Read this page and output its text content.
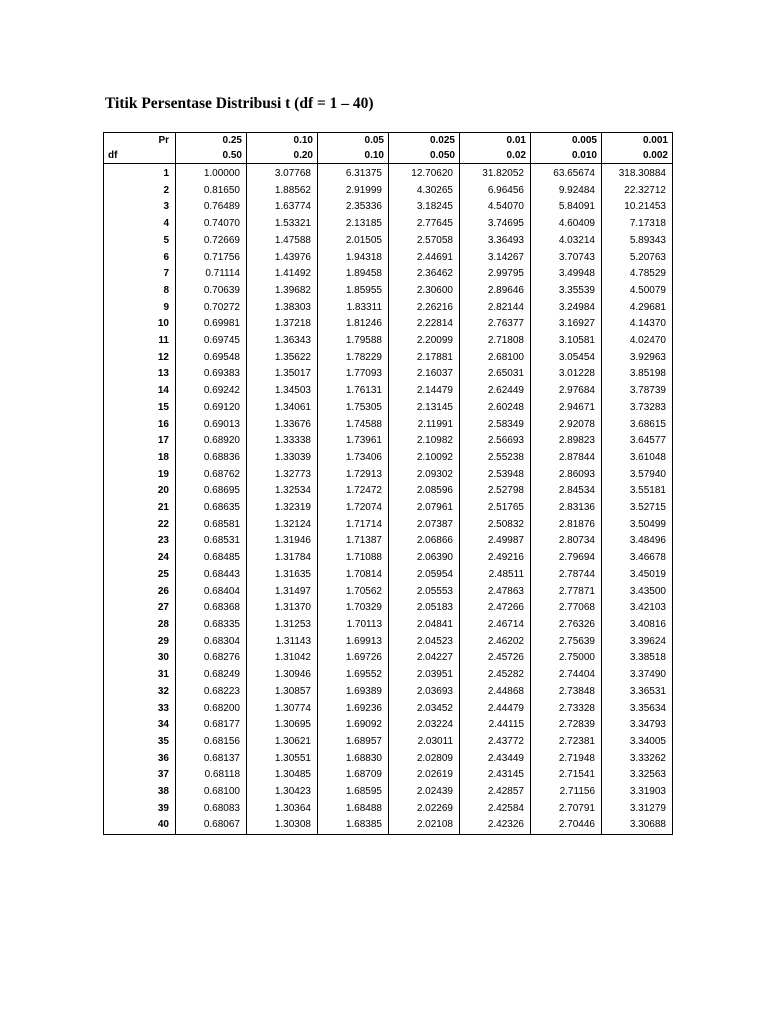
Titik Persentase Distribusi t (df = 1 – 40)
Pr	0.25	0.10	0.05	0.025	0.01	0.005	0.001
df	0.50	0.20	0.10	0.050	0.02	0.010	0.002
1	1.00000	3.07768	6.31375	12.70620	31.82052	63.65674	318.30884
2	0.81650	1.88562	2.91999	4.30265	6.96456	9.92484	22.32712
3	0.76489	1.63774	2.35336	3.18245	4.54070	5.84091	10.21453
4	0.74070	1.53321	2.13185	2.77645	3.74695	4.60409	7.17318
5	0.72669	1.47588	2.01505	2.57058	3.36493	4.03214	5.89343
6	0.71756	1.43976	1.94318	2.44691	3.14267	3.70743	5.20763
7	0.71114	1.41492	1.89458	2.36462	2.99795	3.49948	4.78529
8	0.70639	1.39682	1.85955	2.30600	2.89646	3.35539	4.50079
9	0.70272	1.38303	1.83311	2.26216	2.82144	3.24984	4.29681
10	0.69981	1.37218	1.81246	2.22814	2.76377	3.16927	4.14370
11	0.69745	1.36343	1.79588	2.20099	2.71808	3.10581	4.02470
12	0.69548	1.35622	1.78229	2.17881	2.68100	3.05454	3.92963
13	0.69383	1.35017	1.77093	2.16037	2.65031	3.01228	3.85198
14	0.69242	1.34503	1.76131	2.14479	2.62449	2.97684	3.78739
15	0.69120	1.34061	1.75305	2.13145	2.60248	2.94671	3.73283
16	0.69013	1.33676	1.74588	2.11991	2.58349	2.92078	3.68615
17	0.68920	1.33338	1.73961	2.10982	2.56693	2.89823	3.64577
18	0.68836	1.33039	1.73406	2.10092	2.55238	2.87844	3.61048
19	0.68762	1.32773	1.72913	2.09302	2.53948	2.86093	3.57940
20	0.68695	1.32534	1.72472	2.08596	2.52798	2.84534	3.55181
21	0.68635	1.32319	1.72074	2.07961	2.51765	2.83136	3.52715
22	0.68581	1.32124	1.71714	2.07387	2.50832	2.81876	3.50499
23	0.68531	1.31946	1.71387	2.06866	2.49987	2.80734	3.48496
24	0.68485	1.31784	1.71088	2.06390	2.49216	2.79694	3.46678
25	0.68443	1.31635	1.70814	2.05954	2.48511	2.78744	3.45019
26	0.68404	1.31497	1.70562	2.05553	2.47863	2.77871	3.43500
27	0.68368	1.31370	1.70329	2.05183	2.47266	2.77068	3.42103
28	0.68335	1.31253	1.70113	2.04841	2.46714	2.76326	3.40816
29	0.68304	1.31143	1.69913	2.04523	2.46202	2.75639	3.39624
30	0.68276	1.31042	1.69726	2.04227	2.45726	2.75000	3.38518
31	0.68249	1.30946	1.69552	2.03951	2.45282	2.74404	3.37490
32	0.68223	1.30857	1.69389	2.03693	2.44868	2.73848	3.36531
33	0.68200	1.30774	1.69236	2.03452	2.44479	2.73328	3.35634
34	0.68177	1.30695	1.69092	2.03224	2.44115	2.72839	3.34793
35	0.68156	1.30621	1.68957	2.03011	2.43772	2.72381	3.34005
36	0.68137	1.30551	1.68830	2.02809	2.43449	2.71948	3.33262
37	0.68118	1.30485	1.68709	2.02619	2.43145	2.71541	3.32563
38	0.68100	1.30423	1.68595	2.02439	2.42857	2.71156	3.31903
39	0.68083	1.30364	1.68488	2.02269	2.42584	2.70791	3.31279
40	0.68067	1.30308	1.68385	2.02108	2.42326	2.70446	3.30688
